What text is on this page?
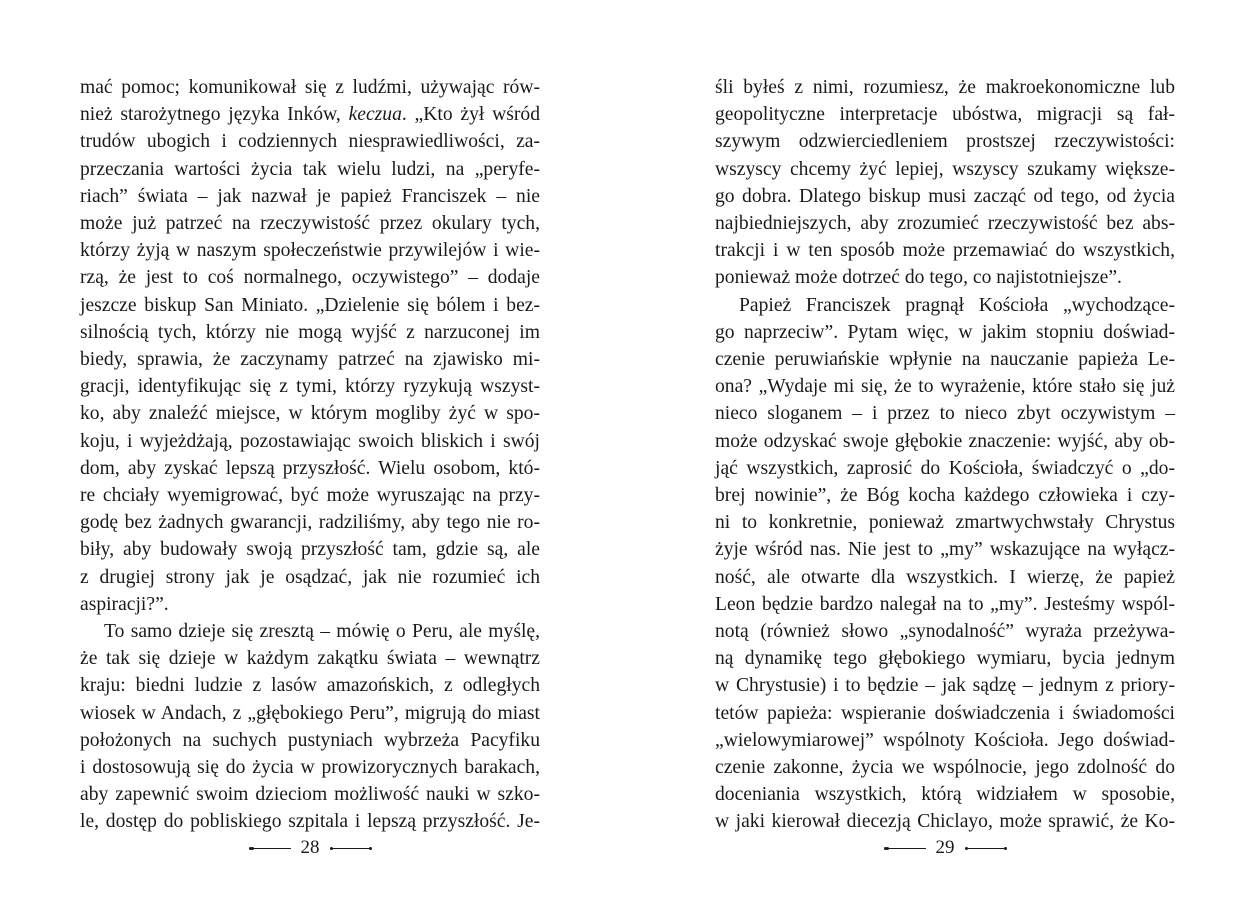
mać pomoc; komunikował się z ludźmi, używając rów-
nież starożytnego języka Inków, keczua. „Kto żył wśród
trudów ubogich i codziennych niesprawiedliwości, za-
przeczania wartości życia tak wielu ludzi, na „peryfe-
riach” świata – jak nazwał je papież Franciszek – nie
może już patrzeć na rzeczywistość przez okulary tych,
którzy żyją w naszym społeczeństwie przywilejów i wie-
rzą, że jest to coś normalnego, oczywistego” – dodaje
jeszcze biskup San Miniato. „Dzielenie się bólem i bez-
silnością tych, którzy nie mogą wyjść z narzuconej im
biedy, sprawia, że zaczynamy patrzeć na zjawisko mi-
gracji, identyfikując się z tymi, którzy ryzykują wszyst-
ko, aby znaleźć miejsce, w którym mogliby żyć w spo-
koju, i wyjeżdżają, pozostawiając swoich bliskich i swój
dom, aby zyskać lepszą przyszłość. Wielu osobom, któ-
re chciały wyemigrować, być może wyruszając na przy-
godę bez żadnych gwarancji, radziliśmy, aby tego nie ro-
biły, aby budowały swoją przyszłość tam, gdzie są, ale
z drugiej strony jak je osądzać, jak nie rozumieć ich
aspiracji?”.
To samo dzieje się zresztą – mówię o Peru, ale myślę,
że tak się dzieje w każdym zakątku świata – wewnątrz
kraju: biedni ludzie z lasów amazońskich, z odległych
wiosek w Andach, z „głębokiego Peru”, migrują do miast
położonych na suchych pustyniach wybrzeża Pacyfiku
i dostosowują się do życia w prowizorycznych barakach,
aby zapewnić swoim dzieciom możliwość nauki w szko-
le, dostęp do pobliskiego szpitala i lepszą przyszłość. Je-
28
śli byłeś z nimi, rozumiesz, że makroekonomiczne lub
geopolityczne interpretacje ubóstwa, migracji są fał-
szywym odzwierciedleniem prostszej rzeczywistości:
wszyscy chcemy żyć lepiej, wszyscy szukamy większe-
go dobra. Dlatego biskup musi zacząć od tego, od życia
najbiedniejszych, aby zrozumieć rzeczywistość bez abs-
trakcji i w ten sposób może przemawiać do wszystkich,
ponieważ może dotrzeć do tego, co najistotniejsze”.
Papież Franciszek pragnął Kościoła „wychodzące-
go naprzeciw”. Pytam więc, w jakim stopniu doświad-
czenie peruwiańskie wpłynie na nauczanie papieża Le-
ona? „Wydaje mi się, że to wyrażenie, które stało się już
nieco sloganem – i przez to nieco zbyt oczywistym –
może odzyskać swoje głębokie znaczenie: wyjść, aby ob-
jąć wszystkich, zaprosić do Kościoła, świadczyć o „do-
brej nowinie”, że Bóg kocha każdego człowieka i czy-
ni to konkretnie, ponieważ zmartwychwstały Chrystus
żyje wśród nas. Nie jest to „my” wskazujące na wyłącz-
ność, ale otwarte dla wszystkich. I wierzę, że papież
Leon będzie bardzo nalegał na to „my”. Jesteśmy wspól-
notą (również słowo „synodalność” wyraża przeżywa-
ną dynamikę tego głębokiego wymiaru, bycia jednym
w Chrystusie) i to będzie – jak sądzę – jednym z priory-
tetów papieża: wspieranie doświadczenia i świadomości
„wielowymiarowej” wspólnoty Kościoła. Jego doświad-
czenie zakonne, życia we wspólnocie, jego zdolność do
doceniania wszystkich, którą widziałem w sposobie,
w jaki kierował diecezją Chiclayo, może sprawić, że Ko-
29
